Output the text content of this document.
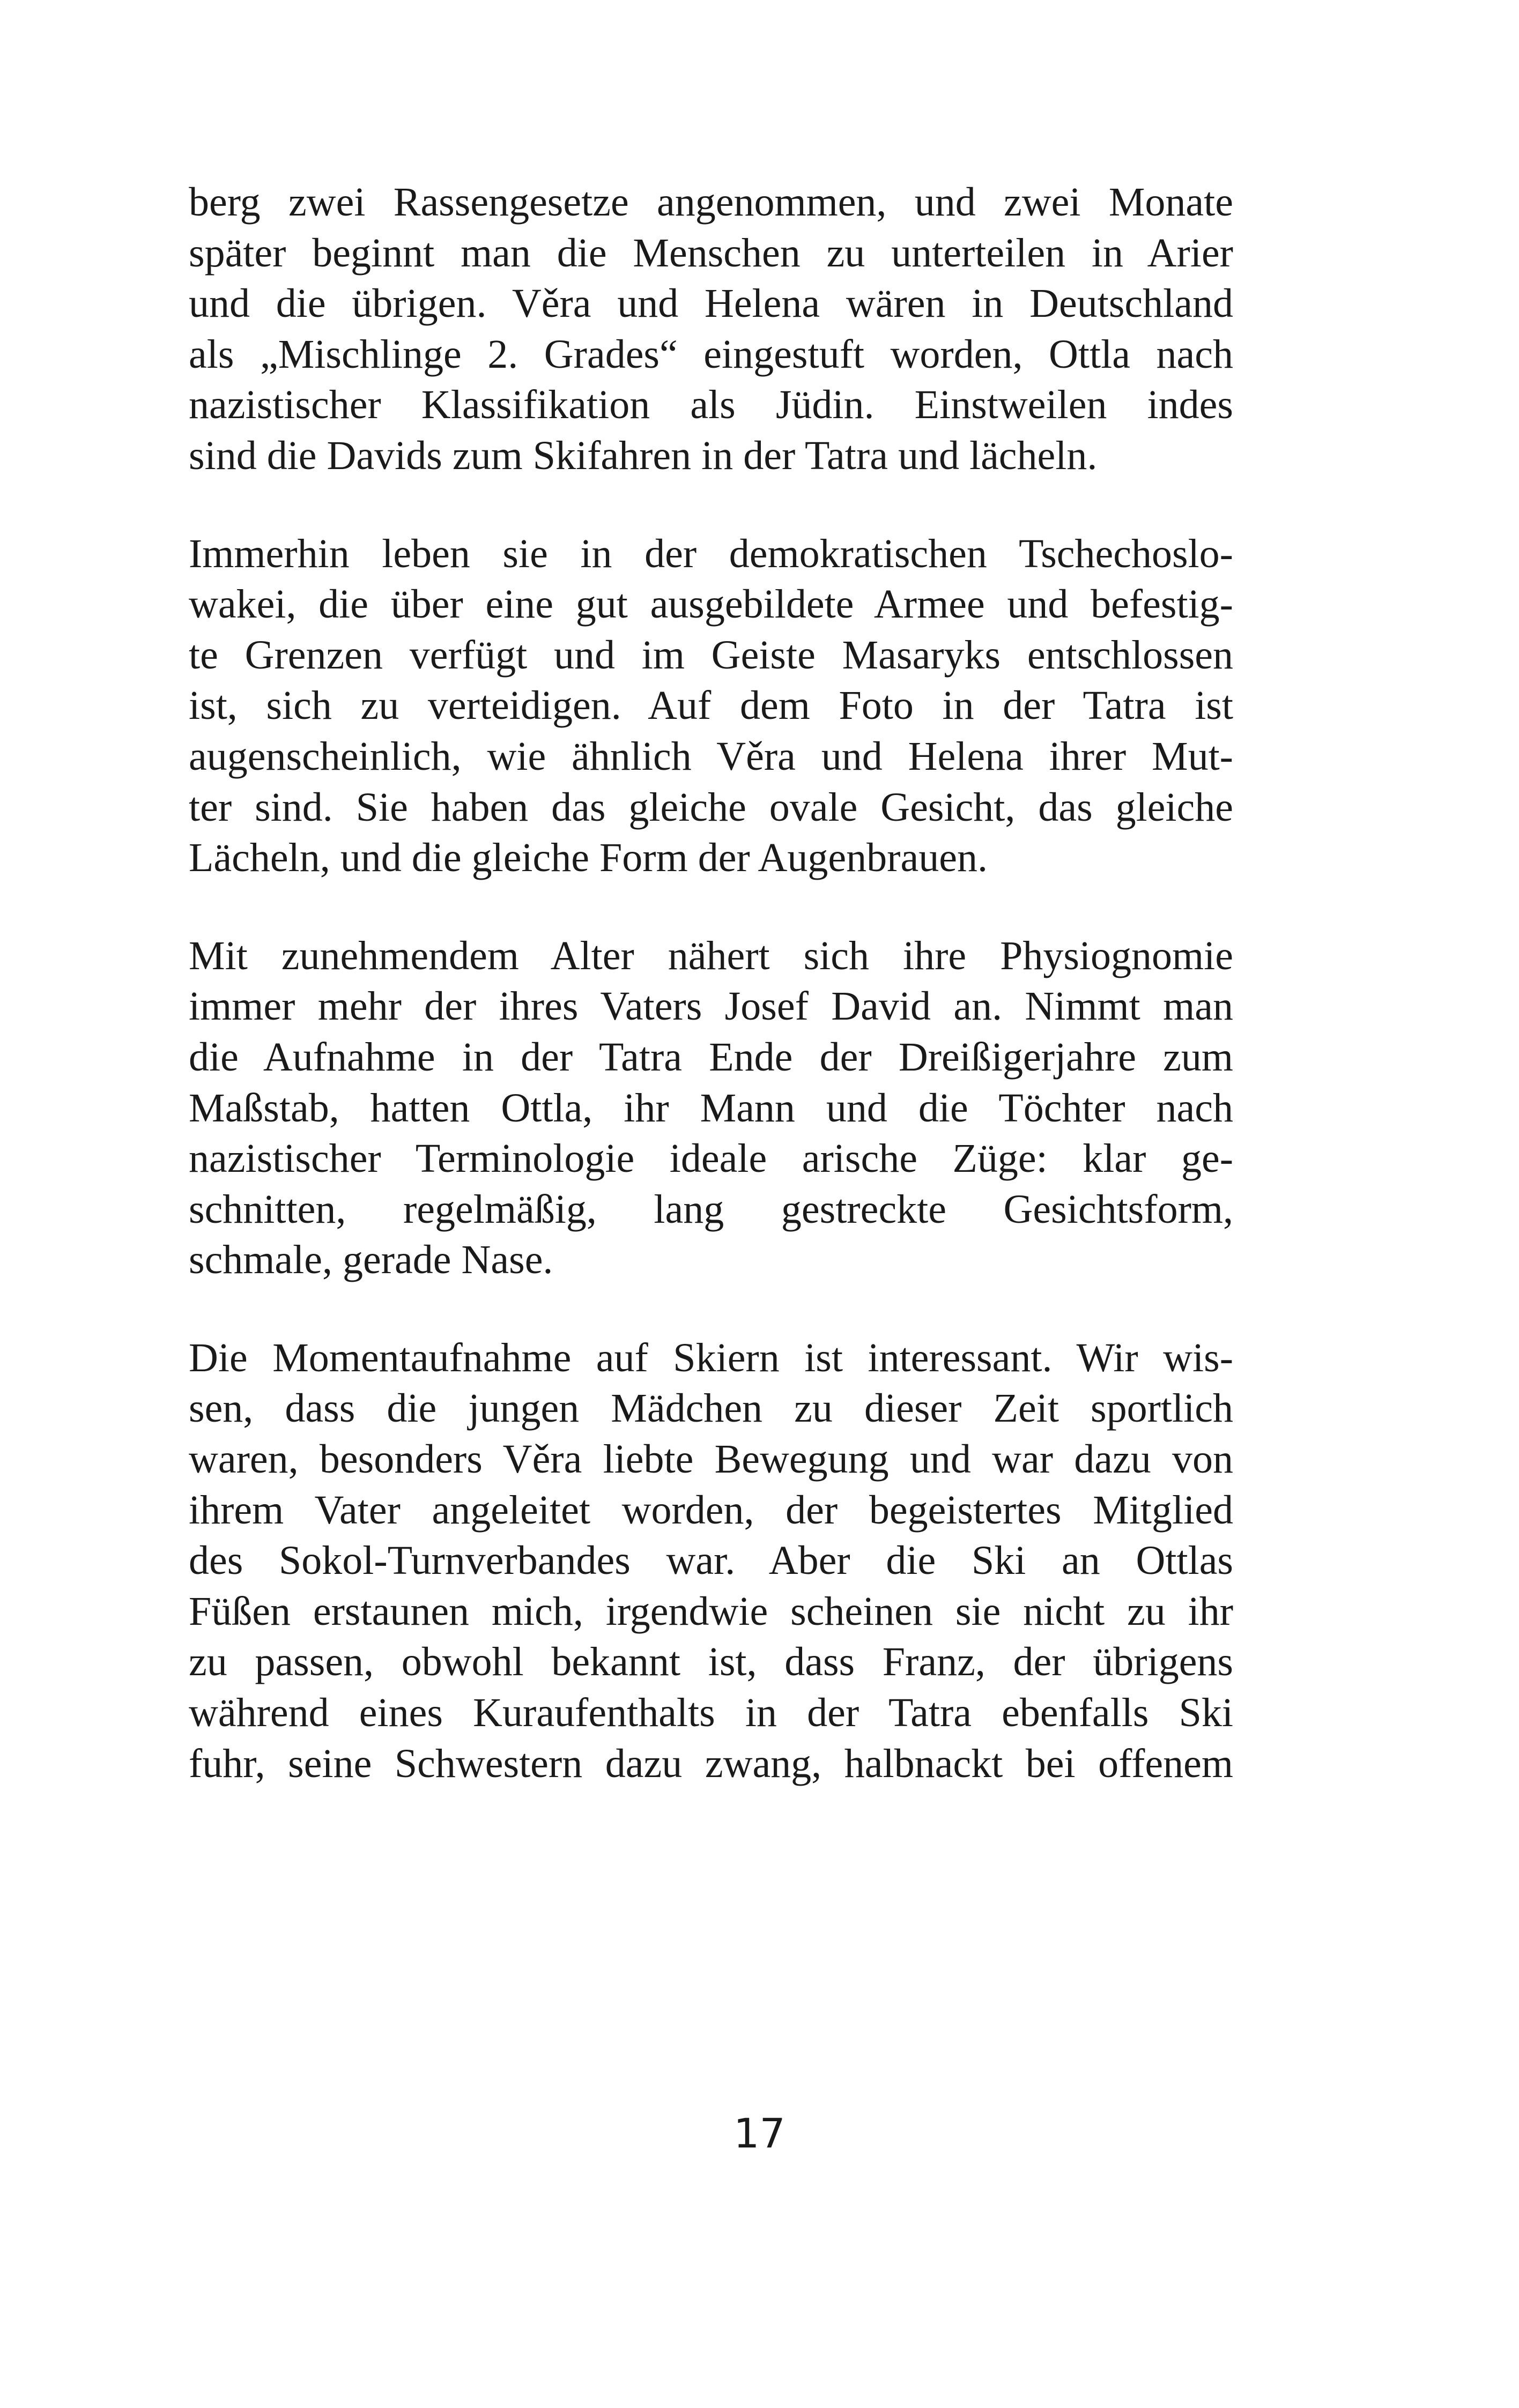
berg zwei Rassengesetze angenommen, und zwei Monate
später beginnt man die Menschen zu unterteilen in Arier
und die übrigen. Věra und Helena wären in Deutschland
als „Mischlinge 2. Grades“ eingestuft worden, Ottla nach
nazistischer Klassifikation als Jüdin. Einstweilen indes
sind die Davids zum Skifahren in der Tatra und lächeln.

Immerhin leben sie in der demokratischen Tschechoslo-
wakei, die über eine gut ausgebildete Armee und befestig-
te Grenzen verfügt und im Geiste Masaryks entschlossen
ist, sich zu verteidigen. Auf dem Foto in der Tatra ist
augenscheinlich, wie ähnlich Věra und Helena ihrer Mut-
ter sind. Sie haben das gleiche ovale Gesicht, das gleiche
Lächeln, und die gleiche Form der Augenbrauen.

Mit zunehmendem Alter nähert sich ihre Physiognomie
immer mehr der ihres Vaters Josef David an. Nimmt man
die Aufnahme in der Tatra Ende der Dreißigerjahre zum
Maßstab, hatten Ottla, ihr Mann und die Töchter nach
nazistischer Terminologie ideale arische Züge: klar ge-
schnitten, regelmäßig, lang gestreckte Gesichtsform,
schmale, gerade Nase.

Die Momentaufnahme auf Skiern ist interessant. Wir wis-
sen, dass die jungen Mädchen zu dieser Zeit sportlich
waren, besonders Věra liebte Bewegung und war dazu von
ihrem Vater angeleitet worden, der begeistertes Mitglied
des Sokol-Turnverbandes war. Aber die Ski an Ottlas
Füßen erstaunen mich, irgendwie scheinen sie nicht zu ihr
zu passen, obwohl bekannt ist, dass Franz, der übrigens
während eines Kuraufenthalts in der Tatra ebenfalls Ski
fuhr, seine Schwestern dazu zwang, halbnackt bei offenem

17
